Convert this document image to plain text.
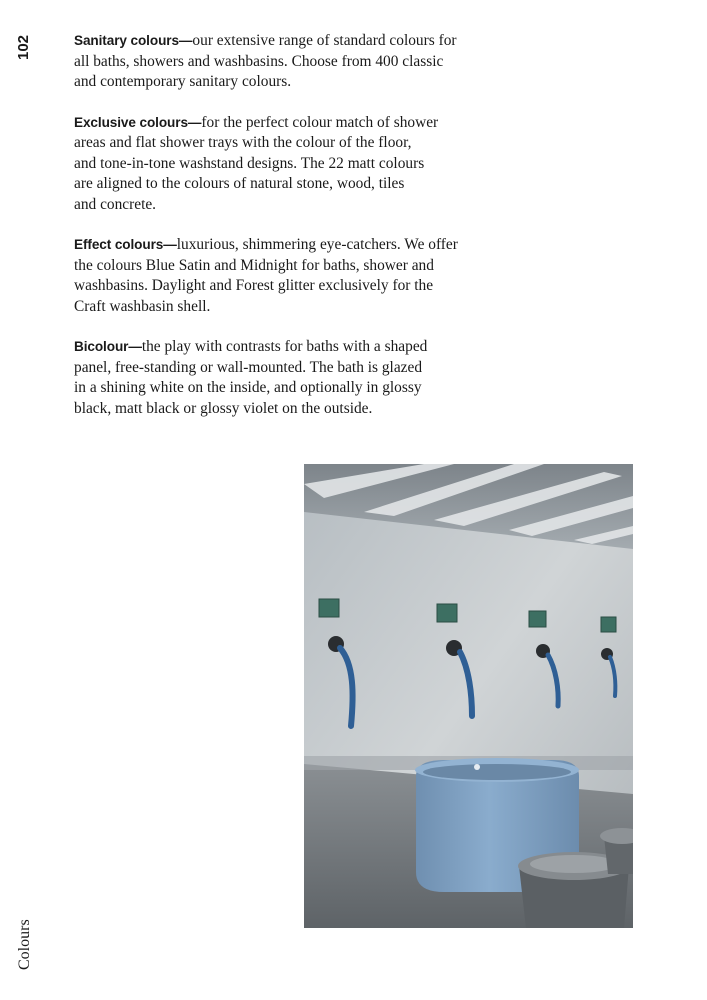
102
Colours

Sanitary colours—our extensive range of standard colours for
all baths, showers and washbasins. Choose from 400 classic
and contemporary sanitary colours.

Exclusive colours—for the perfect colour match of shower
areas and flat shower trays with the colour of the floor,
and tone-in-tone washstand designs. The 22 matt colours
are aligned to the colours of natural stone, wood, tiles
and concrete.

Effect colours—luxurious, shimmering eye-catchers. We offer
the colours Blue Satin and Midnight for baths, shower and
washbasins. Daylight and Forest glitter exclusively for the
Craft washbasin shell.

Bicolour—the play with contrasts for baths with a shaped
panel, free-standing or wall-mounted. The bath is glazed
in a shining white on the inside, and optionally in glossy
black, matt black or glossy violet on the outside.
